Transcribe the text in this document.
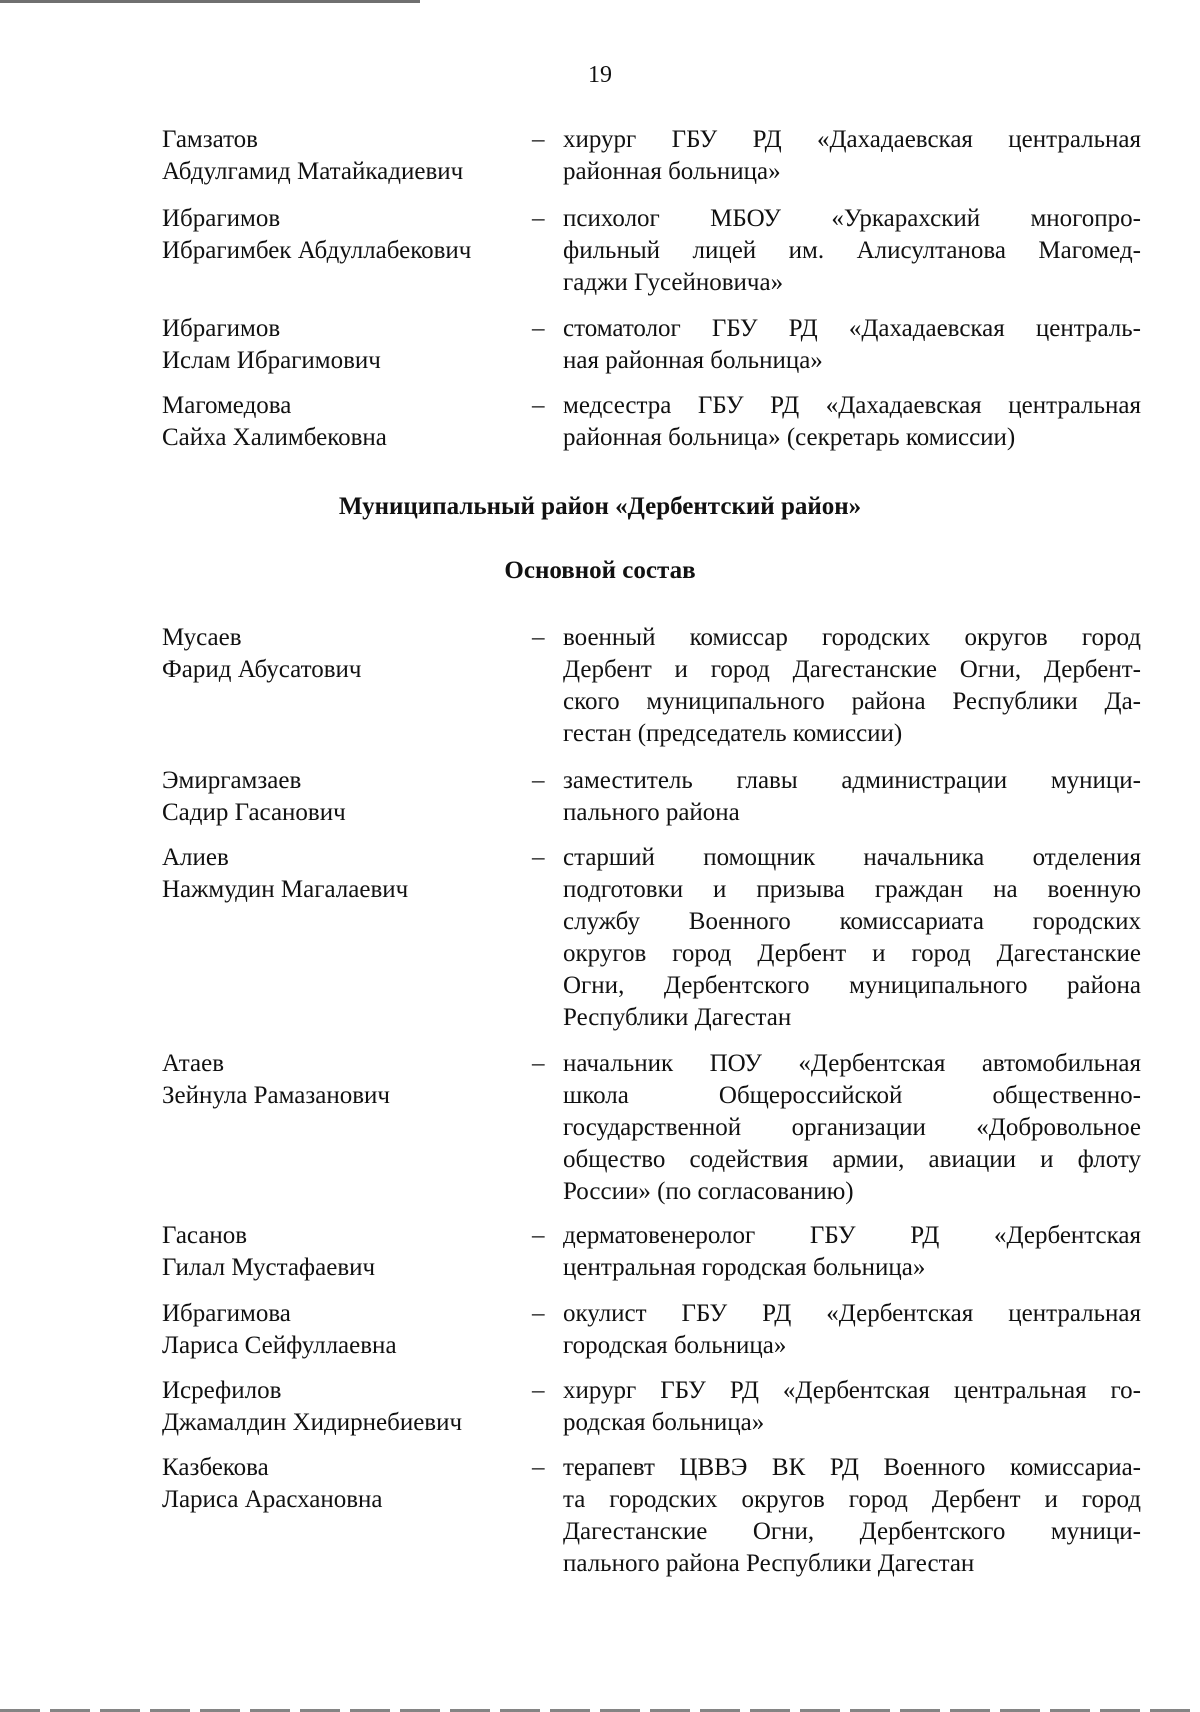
19
Гамзатов
Абдулгамид Матайкадиевич
– хирург ГБУ РД «Дахадаевская центральная
районная больница»
Ибрагимов
Ибрагимбек Абдуллабекович
– психолог МБОУ «Уркарахский многопро-
фильный лицей им. Алисултанова Магомед-
гаджи Гусейновича»
Ибрагимов
Ислам Ибрагимович
– стоматолог ГБУ РД «Дахадаевская централь-
ная районная больница»
Магомедова
Сайха Халимбековна
– медсестра ГБУ РД «Дахадаевская центральная
районная больница» (секретарь комиссии)
Муниципальный район «Дербентский район»
Основной состав
Мусаев
Фарид Абусатович
– военный комиссар городских округов город
Дербент и город Дагестанские Огни, Дербент-
ского муниципального района Республики Да-
гестан (председатель комиссии)
Эмиргамзаев
Садир Гасанович
– заместитель главы администрации муници-
пального района
Алиев
Нажмудин Магалаевич
– старший помощник начальника отделения
подготовки и призыва граждан на военную
службу Военного комиссариата городских
округов город Дербент и город Дагестанские
Огни, Дербентского муниципального района
Республики Дагестан
Атаев
Зейнула Рамазанович
– начальник ПОУ «Дербентская автомобильная
школа Общероссийской общественно-
государственной организации «Добровольное
общество содействия армии, авиации и флоту
России» (по согласованию)
Гасанов
Гилал Мустафаевич
– дерматовенеролог ГБУ РД «Дербентская
центральная городская больница»
Ибрагимова
Лариса Сейфуллаевна
– окулист ГБУ РД «Дербентская центральная
городская больница»
Исрефилов
Джамалдин Хидирнебиевич
– хирург ГБУ РД «Дербентская центральная го-
родская больница»
Казбекова
Лариса Арасхановна
– терапевт ЦВВЭ ВК РД Военного комиссариа-
та городских округов город Дербент и город
Дагестанские Огни, Дербентского муници-
пального района Республики Дагестан
